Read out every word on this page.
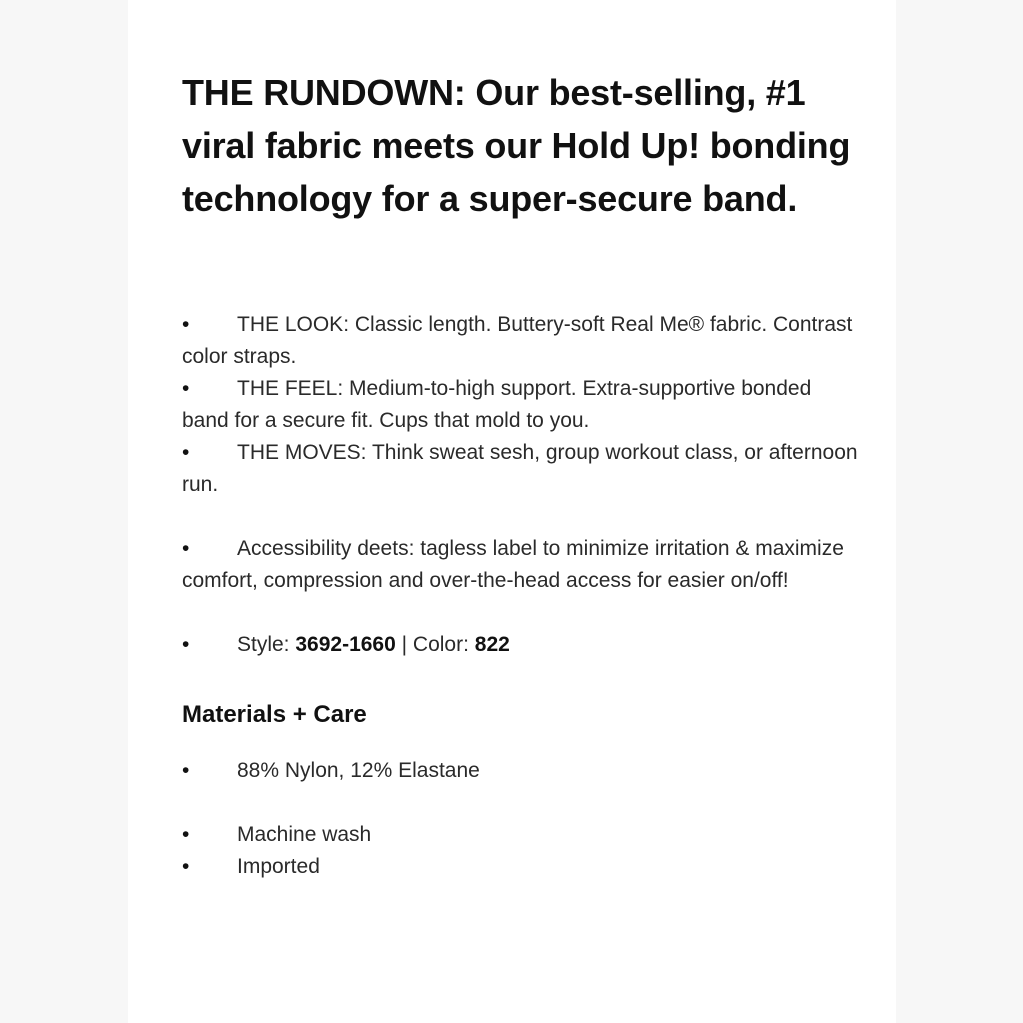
THE RUNDOWN: Our best-selling, #1 viral fabric meets our Hold Up! bonding technology for a super-secure band.
• THE LOOK: Classic length. Buttery-soft Real Me® fabric. Contrast color straps.
• THE FEEL: Medium-to-high support. Extra-supportive bonded band for a secure fit. Cups that mold to you.
• THE MOVES: Think sweat sesh, group workout class, or afternoon run.
• Accessibility deets: tagless label to minimize irritation & maximize comfort, compression and over-the-head access for easier on/off!
• Style: 3692-1660 | Color: 822
Materials + Care
• 88% Nylon, 12% Elastane
• Machine wash
• Imported
